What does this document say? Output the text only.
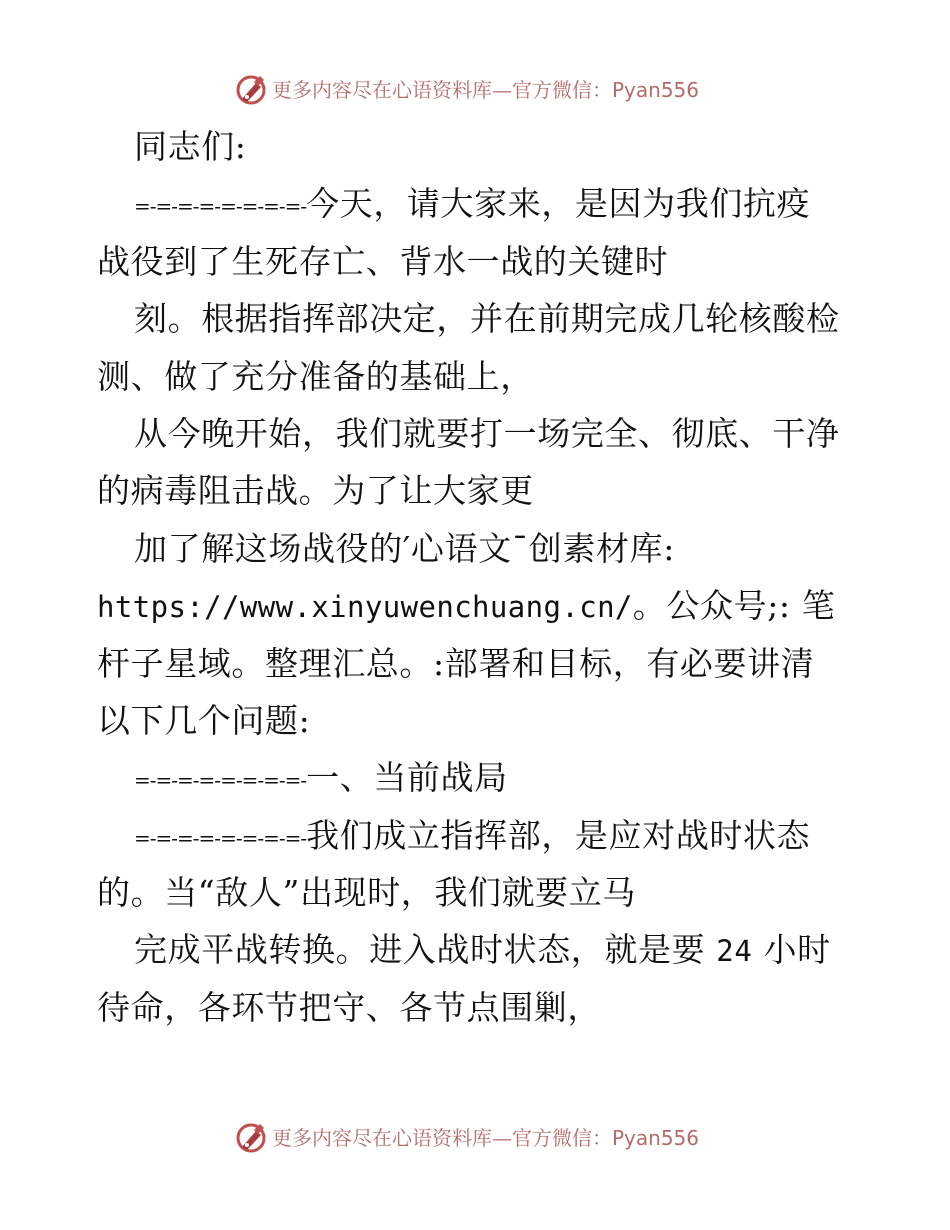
更多内容尽在心语资料库—官方微信：Pyan556
同志们:
=-=-=-=-=-=-=-=-今天，请大家来，是因为我们抗疫
战役到了生死存亡、背水一战的关键时
刻。根据指挥部决定，并在前期完成几轮核酸检
测、做了充分准备的基础上，
从今晚开始，我们就要打一场完全、彻底、干净
的病毒阻击战。为了让大家更
加了解这场战役的′心语文¯创素材库:
https://www.xinyuwenchuang.cn/。公众号;: 笔
杆子星域。整理汇总。:部署和目标，有必要讲清
以下几个问题:
=-=-=-=-=-=-=-=-一、当前战局
=-=-=-=-=-=-=-=-我们成立指挥部，是应对战时状态
的。当“敌人”出现时，我们就要立马
完成平战转换。进入战时状态，就是要 24 小时
待命，各环节把守、各节点围剿，
更多内容尽在心语资料库—官方微信：Pyan556
